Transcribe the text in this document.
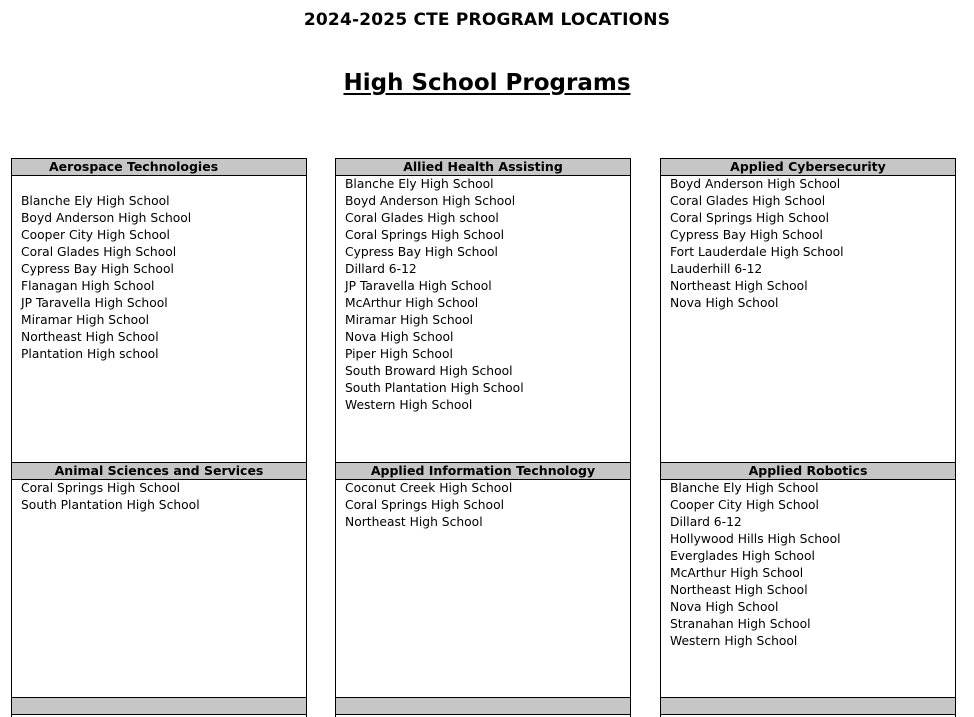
2024-2025 CTE PROGRAM LOCATIONS
High School Programs
Aerospace Technologies
Blanche Ely High School
Boyd Anderson High School
Cooper City High School
Coral Glades High School
Cypress Bay High School
Flanagan High School
JP Taravella High School
Miramar High School
Northeast High School
Plantation High school
Allied Health Assisting
Blanche Ely High School
Boyd Anderson High School
Coral Glades High school
Coral Springs High School
Cypress Bay High School
Dillard 6-12
JP Taravella High School
McArthur High School
Miramar High School
Nova High School
Piper High School
South Broward High School
South Plantation High School
Western High School
Applied Cybersecurity
Boyd Anderson High School
Coral Glades High School
Coral Springs High School
Cypress Bay High School
Fort Lauderdale High School
Lauderhill 6-12
Northeast High School
Nova High School
Animal Sciences and Services
Coral Springs High School
South Plantation High School
Applied Information Technology
Coconut Creek High School
Coral Springs High School
Northeast High School
Applied Robotics
Blanche Ely High School
Cooper City High School
Dillard 6-12
Hollywood Hills High School
Everglades High School
McArthur High School
Northeast High School
Nova High School
Stranahan High School
Western High School
